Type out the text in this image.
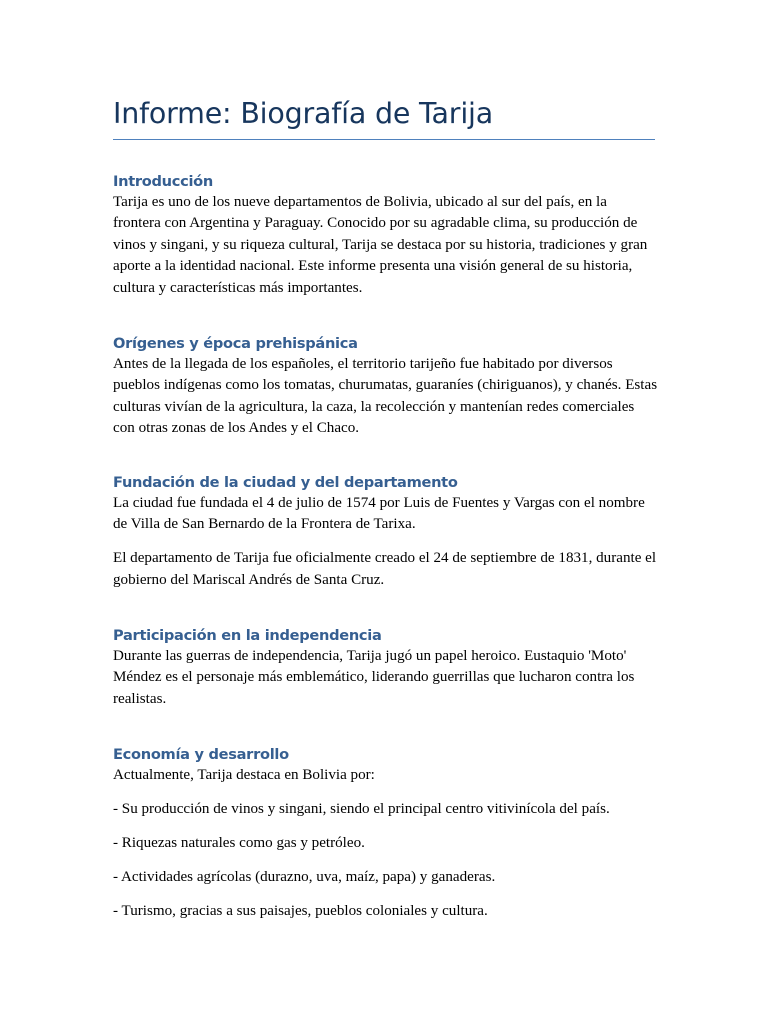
Informe: Biografía de Tarija
Introducción

Tarija es uno de los nueve departamentos de Bolivia, ubicado al sur del país, en la frontera con Argentina y Paraguay. Conocido por su agradable clima, su producción de vinos y singani, y su riqueza cultural, Tarija se destaca por su historia, tradiciones y gran aporte a la identidad nacional. Este informe presenta una visión general de su historia, cultura y características más importantes.

Orígenes y época prehispánica

Antes de la llegada de los españoles, el territorio tarijeño fue habitado por diversos pueblos indígenas como los tomatas, churumatas, guaraníes (chiriguanos), y chanés. Estas culturas vivían de la agricultura, la caza, la recolección y mantenían redes comerciales con otras zonas de los Andes y el Chaco.

Fundación de la ciudad y del departamento

La ciudad fue fundada el 4 de julio de 1574 por Luis de Fuentes y Vargas con el nombre de Villa de San Bernardo de la Frontera de Tarixa.

El departamento de Tarija fue oficialmente creado el 24 de septiembre de 1831, durante el gobierno del Mariscal Andrés de Santa Cruz.

Participación en la independencia

Durante las guerras de independencia, Tarija jugó un papel heroico. Eustaquio 'Moto' Méndez es el personaje más emblemático, liderando guerrillas que lucharon contra los realistas.

Economía y desarrollo

Actualmente, Tarija destaca en Bolivia por:

- Su producción de vinos y singani, siendo el principal centro vitivinícola del país.

- Riquezas naturales como gas y petróleo.

- Actividades agrícolas (durazno, uva, maíz, papa) y ganaderas.

- Turismo, gracias a sus paisajes, pueblos coloniales y cultura.
